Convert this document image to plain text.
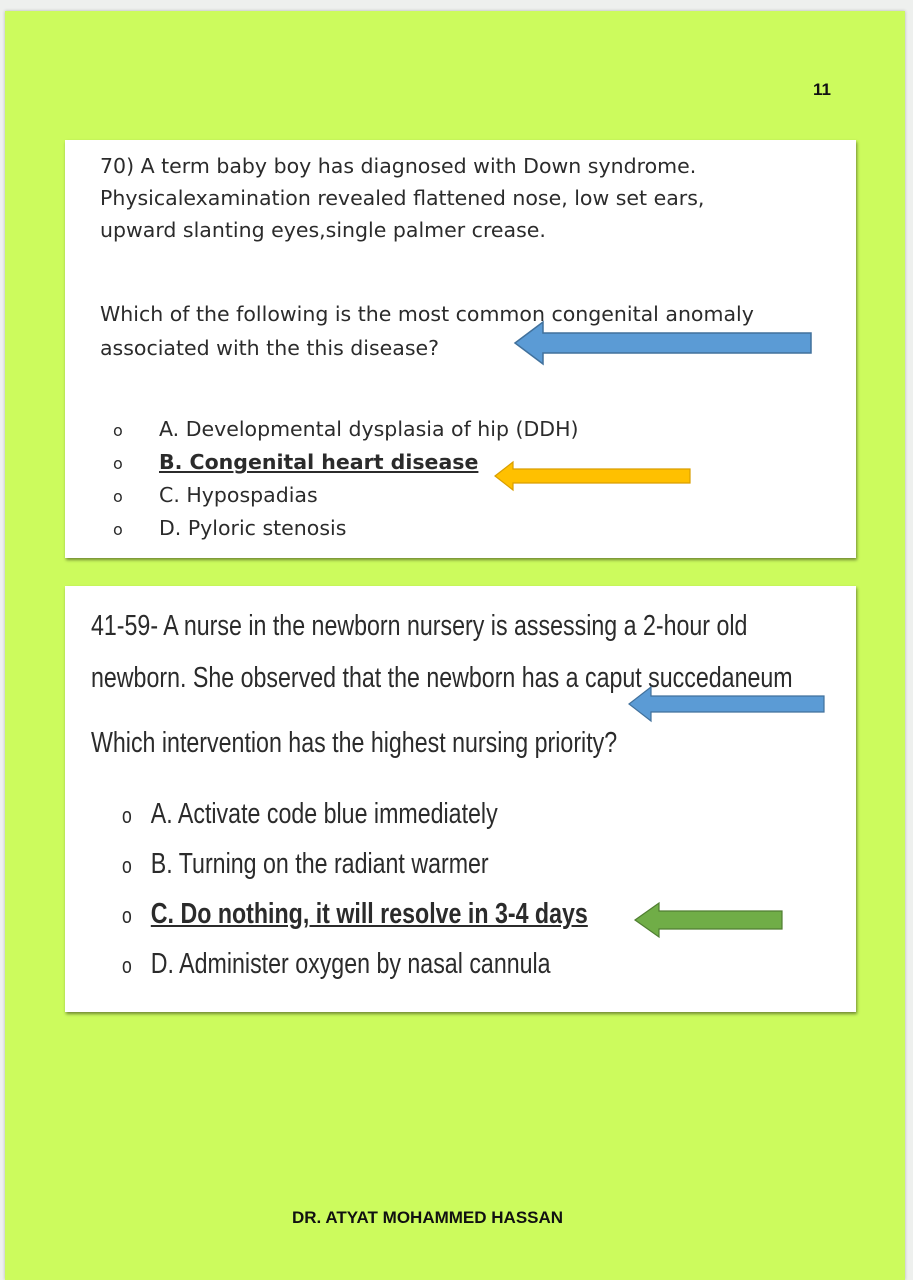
11

70) A term baby boy has diagnosed with Down syndrome.
Physicalexamination revealed flattened nose, low set ears,
upward slanting eyes,single palmer crease.

Which of the following is the most common congenital anomaly
associated with the this disease?

o A. Developmental dysplasia of hip (DDH)
o B. Congenital heart disease
o C. Hypospadias
o D. Pyloric stenosis

41-59- A nurse in the newborn nursery is assessing a 2-hour old
newborn. She observed that the newborn has a caput succedaneum

Which intervention has the highest nursing priority?

o A. Activate code blue immediately
o B. Turning on the radiant warmer
o C. Do nothing, it will resolve in 3-4 days
o D. Administer oxygen by nasal cannula
DR. ATYAT MOHAMMED HASSAN
